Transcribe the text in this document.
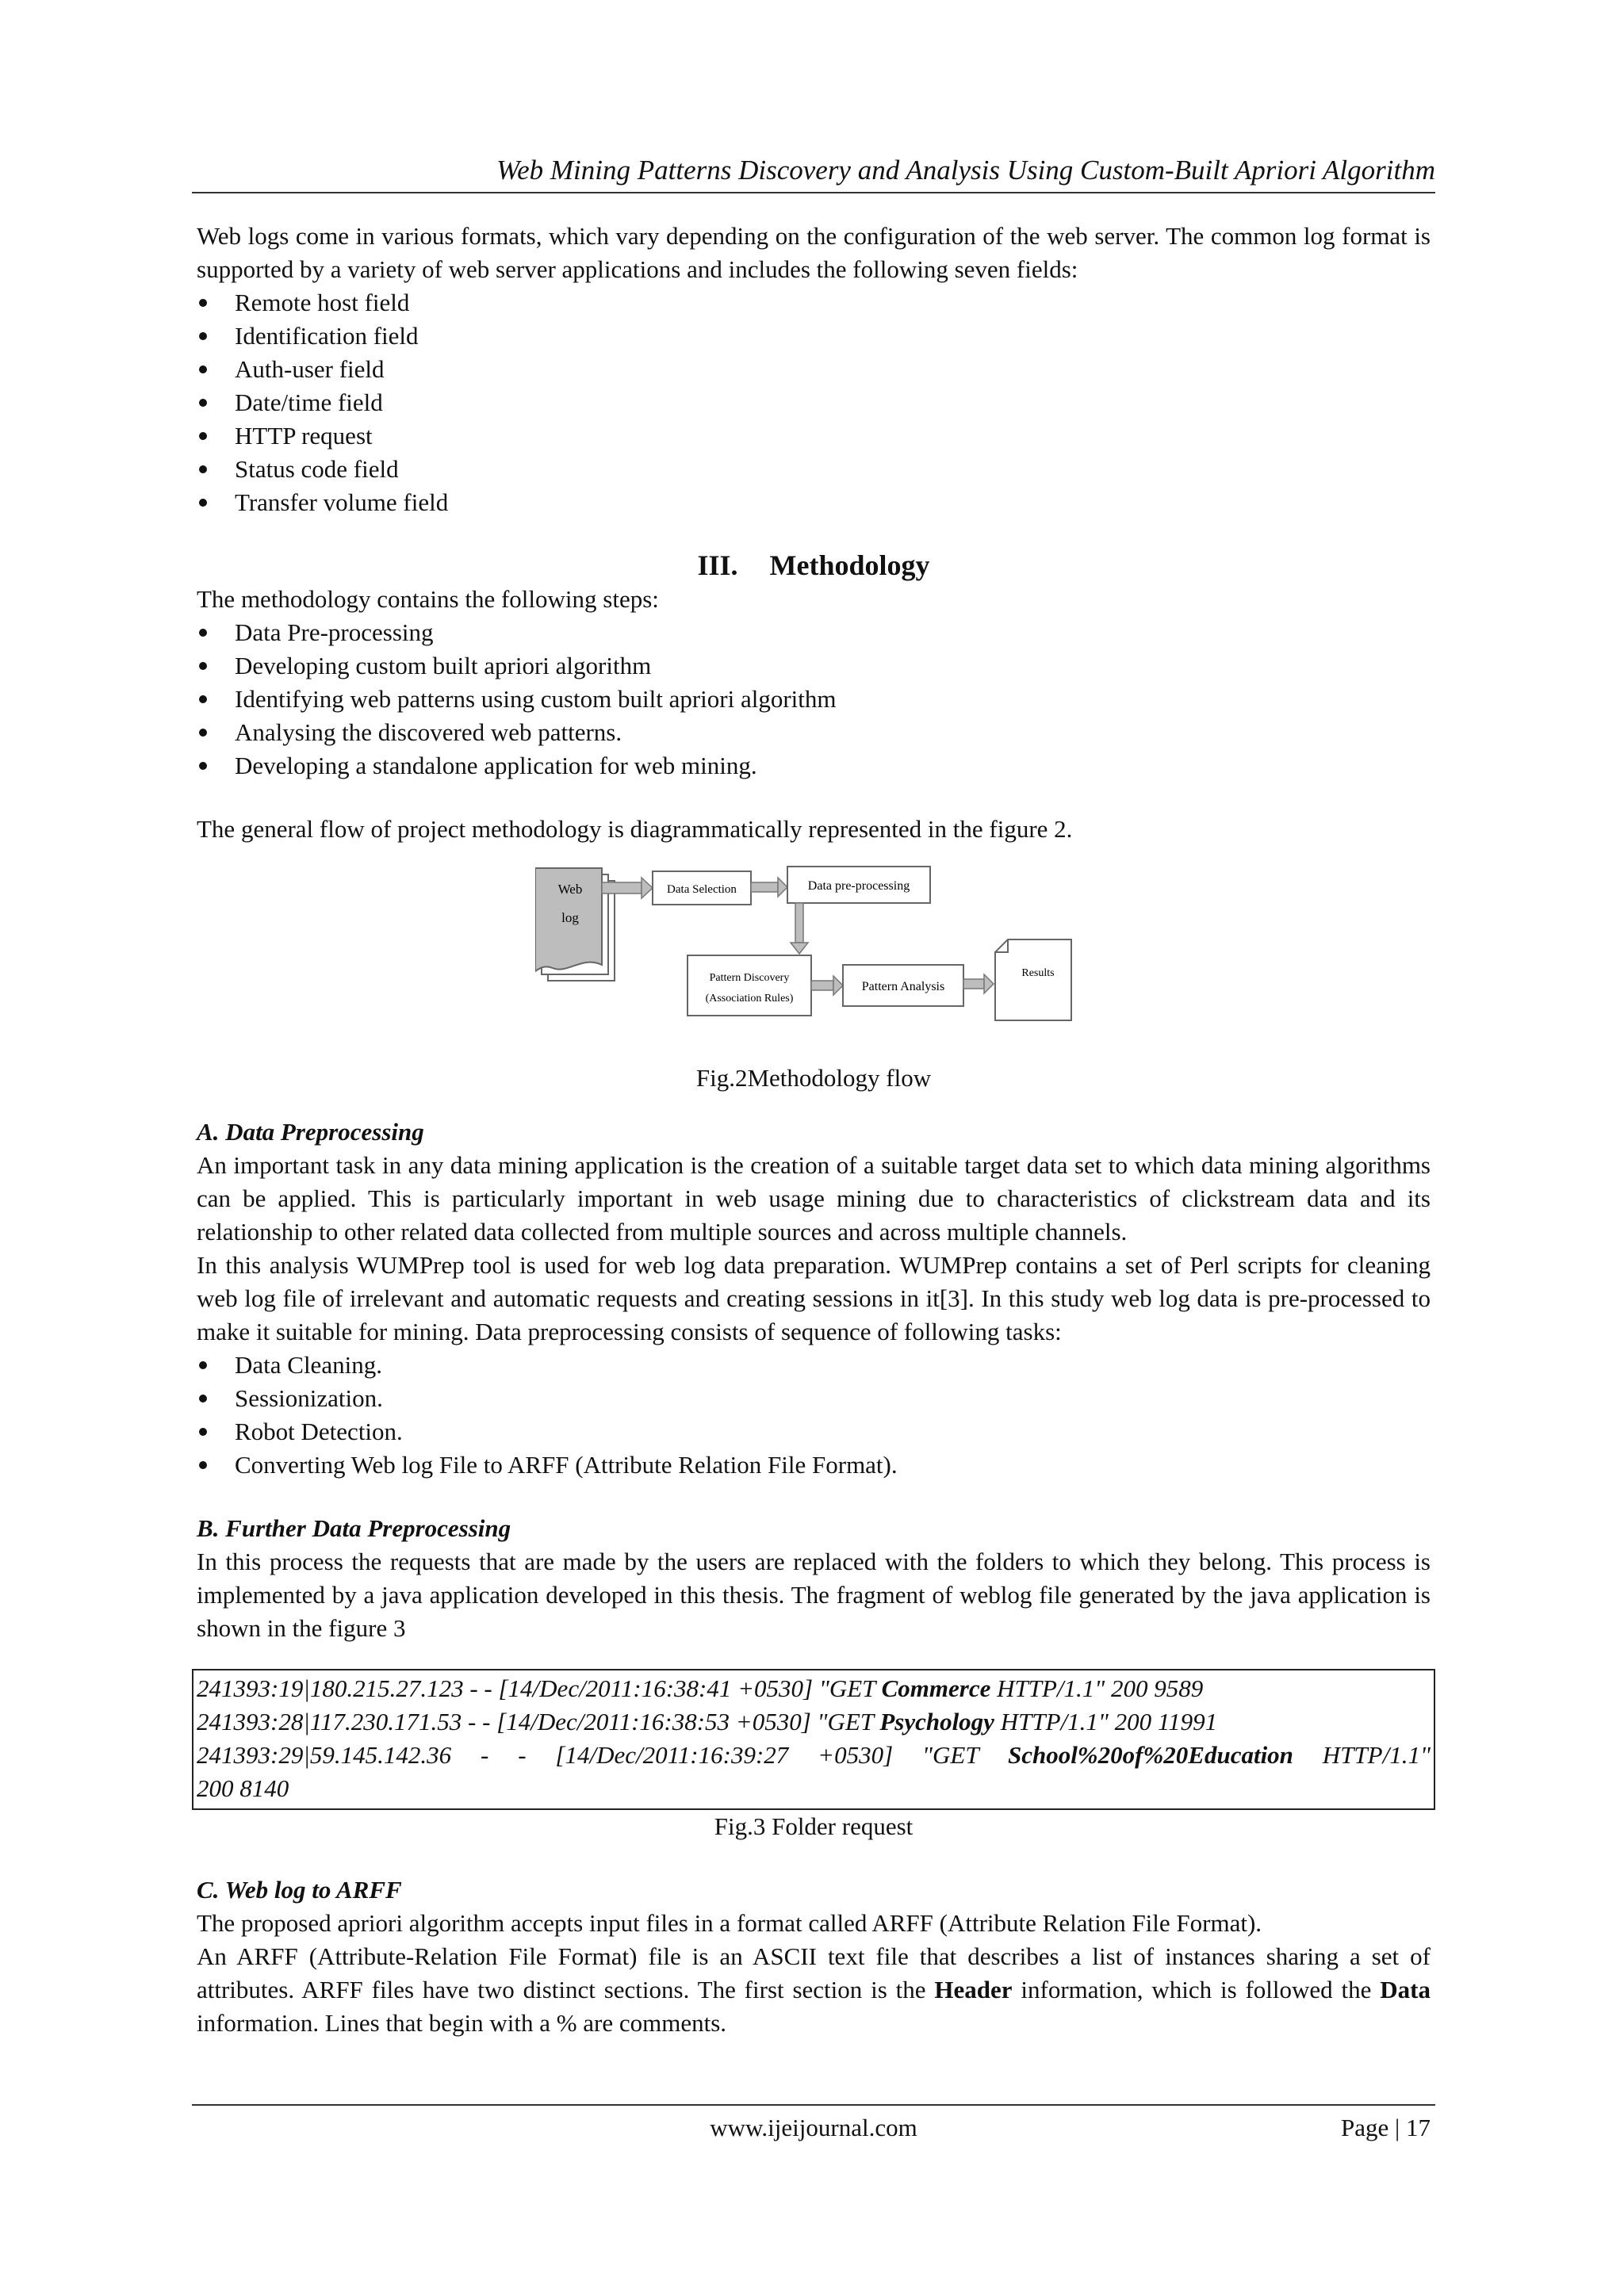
Web Mining Patterns Discovery and Analysis Using Custom-Built Apriori Algorithm

Web logs come in various formats, which vary depending on the configuration of the web server. The common log format is supported by a variety of web server applications and includes the following seven fields:

Remote host field
Identification field
Auth-user field
Date/time field
HTTP request
Status code field
Transfer volume field
III. Methodology

The methodology contains the following steps:

Data Pre-processing
Developing custom built apriori algorithm
Identifying web patterns using custom built apriori algorithm
Analysing the discovered web patterns.
Developing a standalone application for web mining.

The general flow of project methodology is diagrammatically represented in the figure 2.

Web
log
Data Selection	Data pre-processing
Pattern Discovery
(Association Rules)
Pattern Analysis
Results

Fig.2Methodology flow

A. Data Preprocessing

An important task in any data mining application is the creation of a suitable target data set to which data mining algorithms can be applied. This is particularly important in web usage mining due to characteristics of clickstream data and its relationship to other related data collected from multiple sources and across multiple channels.

In this analysis WUMPrep tool is used for web log data preparation. WUMPrep contains a set of Perl scripts for cleaning web log file of irrelevant and automatic requests and creating sessions in it[3]. In this study web log data is pre-processed to make it suitable for mining. Data preprocessing consists of sequence of following tasks:

Data Cleaning.
Sessionization.
Robot Detection.
Converting Web log File to ARFF (Attribute Relation File Format).

B. Further Data Preprocessing

In this process the requests that are made by the users are replaced with the folders to which they belong. This process is implemented by a java application developed in this thesis. The fragment of weblog file generated by the java application is shown in the figure 3

241393:19|180.215.27.123 - - [14/Dec/2011:16:38:41 +0530] "GET Commerce HTTP/1.1" 200 9589

241393:28|117.230.171.53 - - [14/Dec/2011:16:38:53 +0530] "GET Psychology HTTP/1.1" 200 11991

241393:29|59.145.142.36 - - [14/Dec/2011:16:39:27 +0530] "GET School%20of%20Education HTTP/1.1"

200 8140

Fig.3 Folder request

C. Web log to ARFF

The proposed apriori algorithm accepts input files in a format called ARFF (Attribute Relation File Format).

An ARFF (Attribute-Relation File Format) file is an ASCII text file that describes a list of instances sharing a set of attributes. ARFF files have two distinct sections. The first section is the Header information, which is followed the Data information. Lines that begin with a % are comments.

www.ijeijournal.com	Page | 17
